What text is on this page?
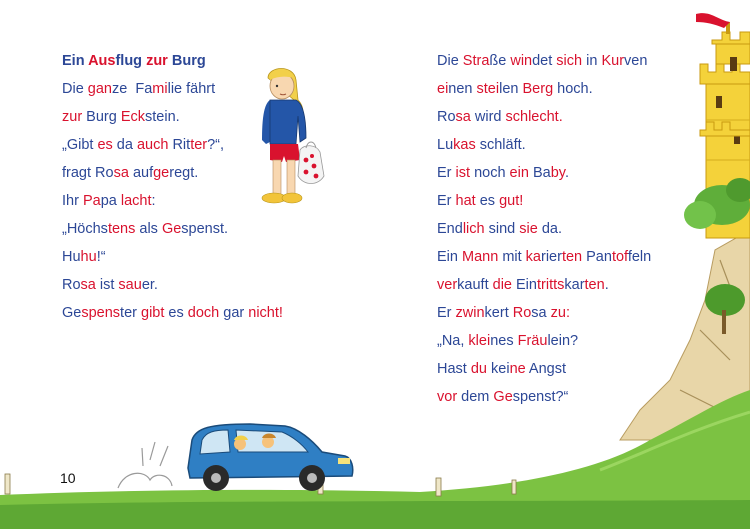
Ein Ausflug zur Burg
Die ganze  Familie fährt
zur Burg Eckstein.
„Gibt es da auch Ritter?“,
fragt Rosa aufgeregt.
Ihr Papa lacht:
„Höchstens als Gespenst.
Huhu!“
Rosa ist sauer.
Gespenster gibt es doch gar nicht!
Die Straße windet sich in Kurven
einen steilen Berg hoch.
Rosa wird schlecht.
Lukas schläft.
Er ist noch ein Baby.
Er hat es gut!
Endlich sind sie da.
Ein Mann mit karierten Pantoffeln
verkauft die Eintrittskarten.
Er zwinkert Rosa zu:
„Na, kleines Fräulein?
Hast du keine Angst
vor dem Gespenst?“
10
